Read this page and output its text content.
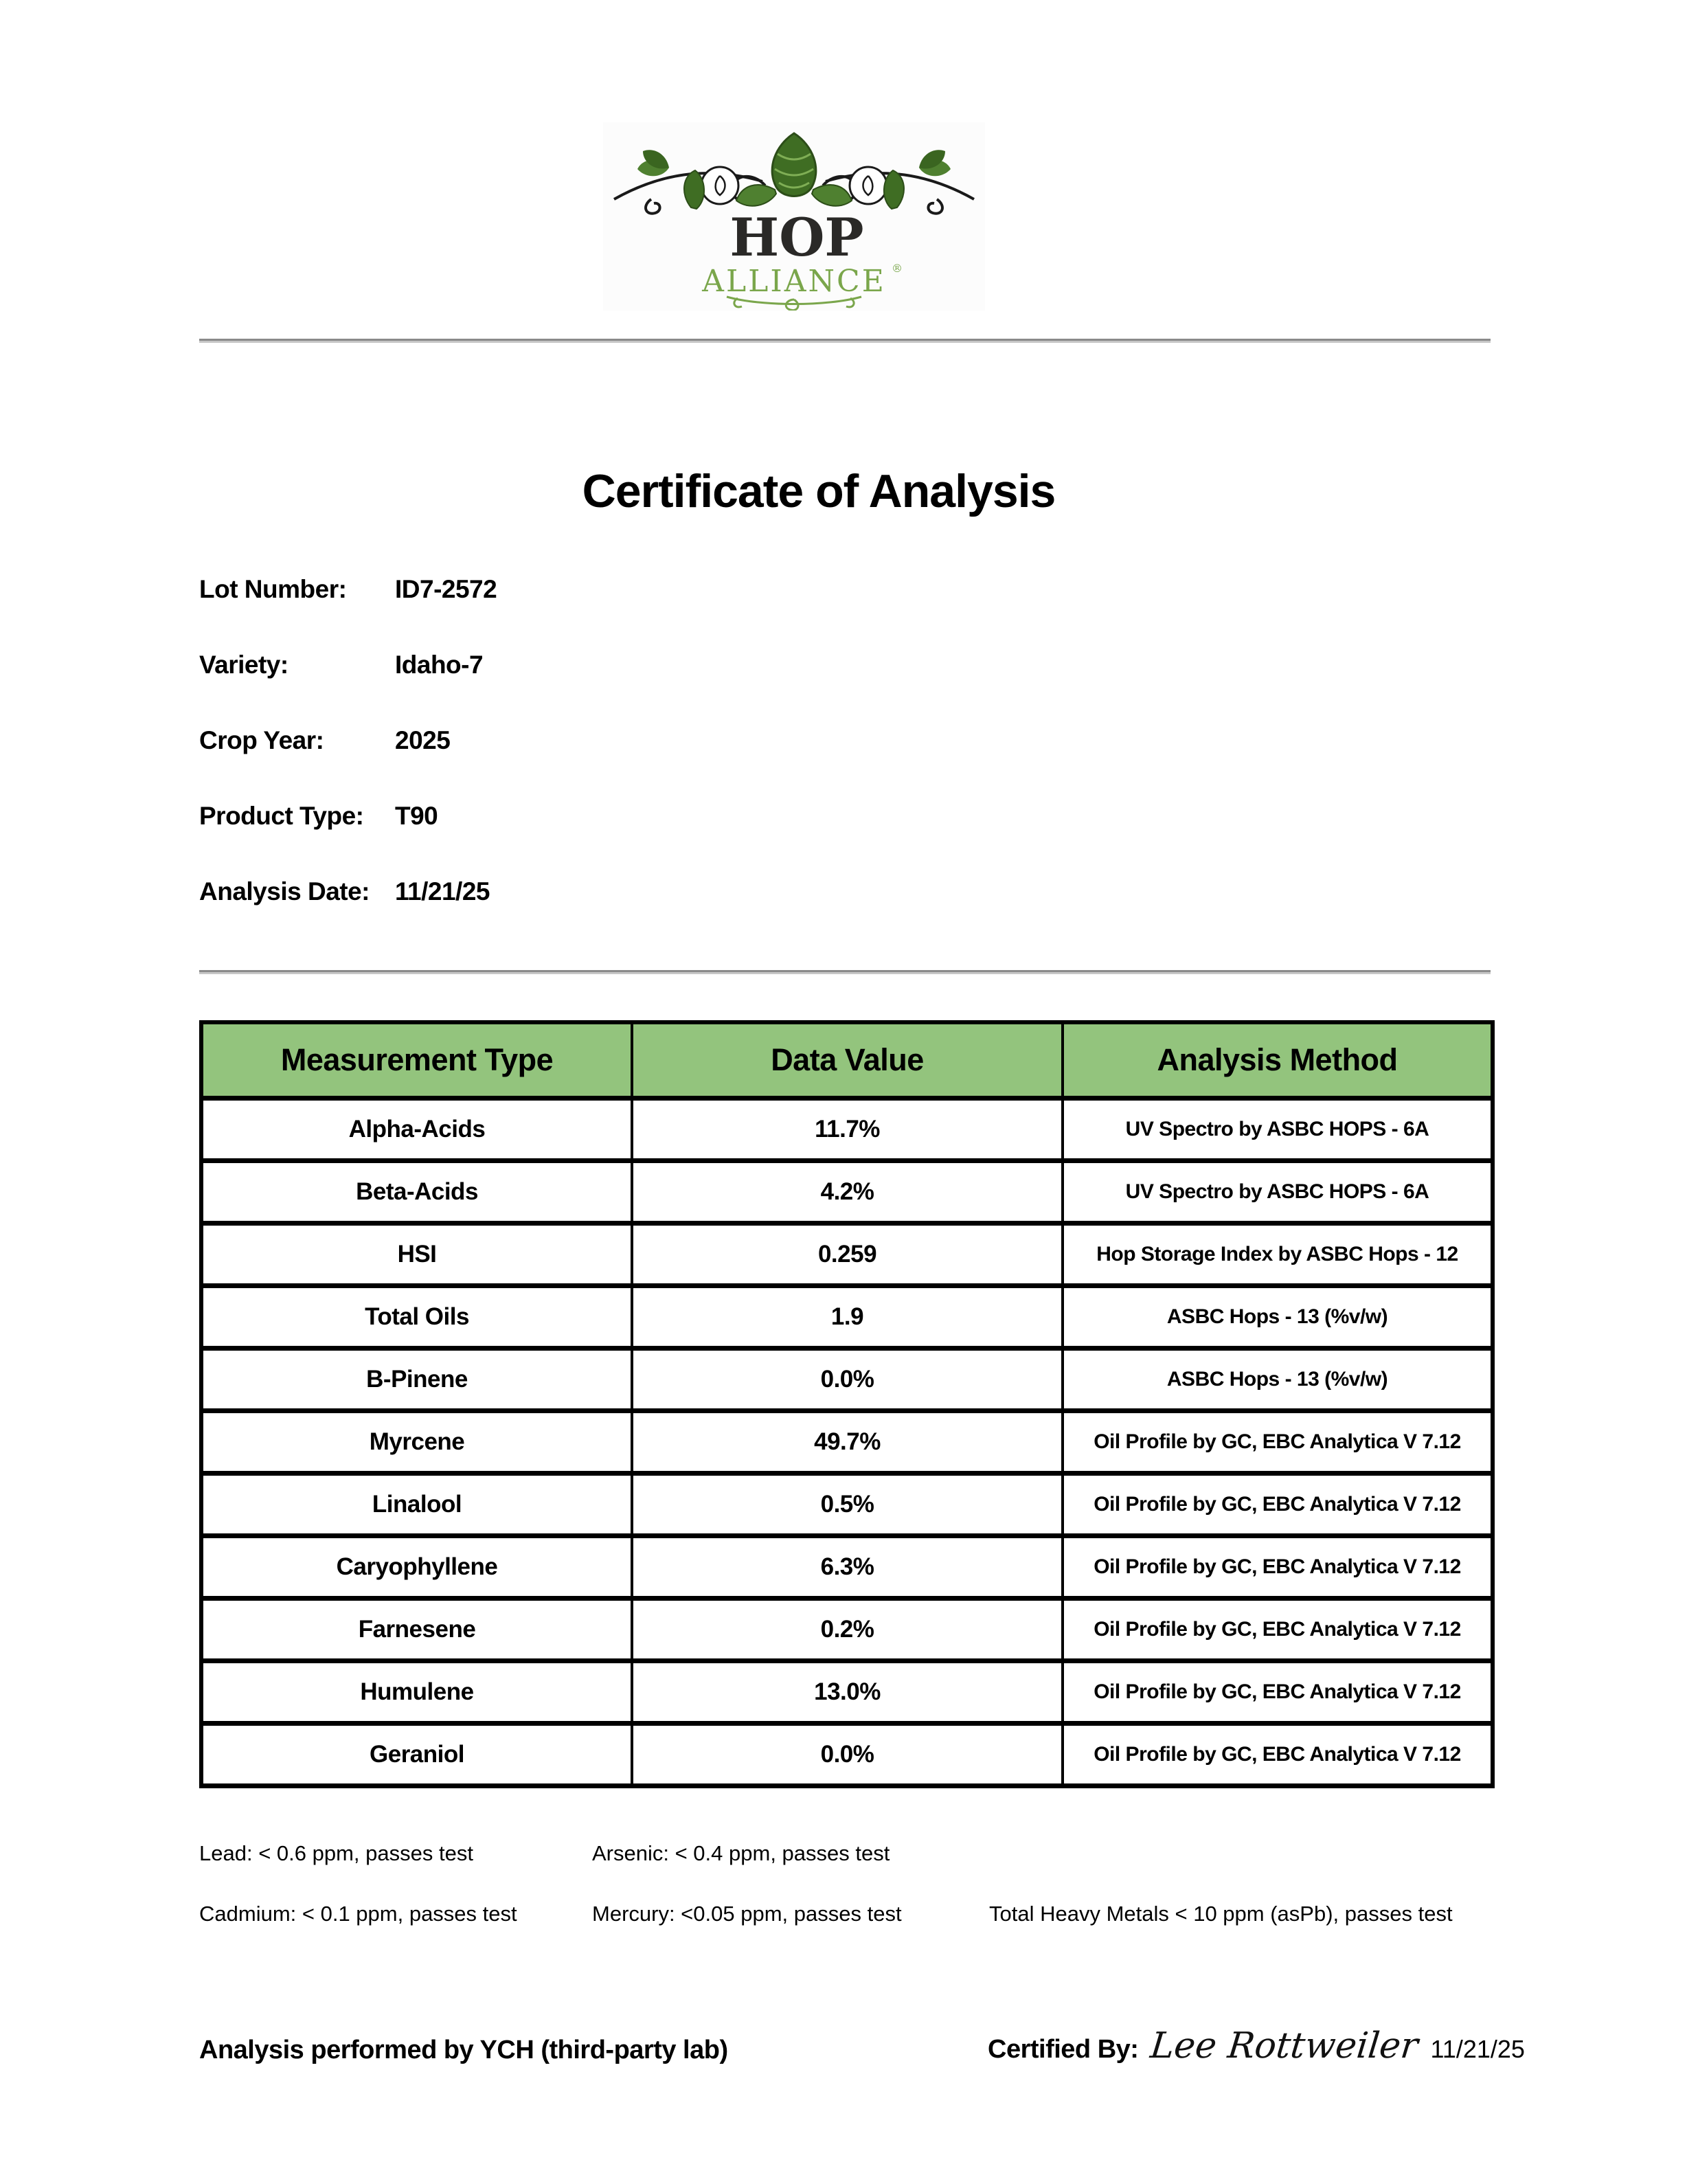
HOP
ALLIANCE ®
Certificate of Analysis
Lot Number:	ID7-2572
Variety:	Idaho-7
Crop Year:	2025
Product Type:	T90
Analysis Date:	11/21/25
Measurement Type	Data Value	Analysis Method
Alpha-Acids	11.7%	UV Spectro by ASBC HOPS - 6A
Beta-Acids	4.2%	UV Spectro by ASBC HOPS - 6A
HSI	0.259	Hop Storage Index by ASBC Hops - 12
Total Oils	1.9	ASBC Hops - 13 (%v/w)
B-Pinene	0.0%	ASBC Hops - 13 (%v/w)
Myrcene	49.7%	Oil Profile by GC, EBC Analytica V 7.12
Linalool	0.5%	Oil Profile by GC, EBC Analytica V 7.12
Caryophyllene	6.3%	Oil Profile by GC, EBC Analytica V 7.12
Farnesene	0.2%	Oil Profile by GC, EBC Analytica V 7.12
Humulene	13.0%	Oil Profile by GC, EBC Analytica V 7.12
Geraniol	0.0%	Oil Profile by GC, EBC Analytica V 7.12
Lead: < 0.6 ppm, passes test	Arsenic: < 0.4 ppm, passes test
Cadmium: < 0.1 ppm, passes test	Mercury: <0.05 ppm, passes test	Total Heavy Metals < 10 ppm (asPb), passes test
Analysis performed by YCH (third-party lab)	Certified By: Lee Rottweiler 11/21/25
